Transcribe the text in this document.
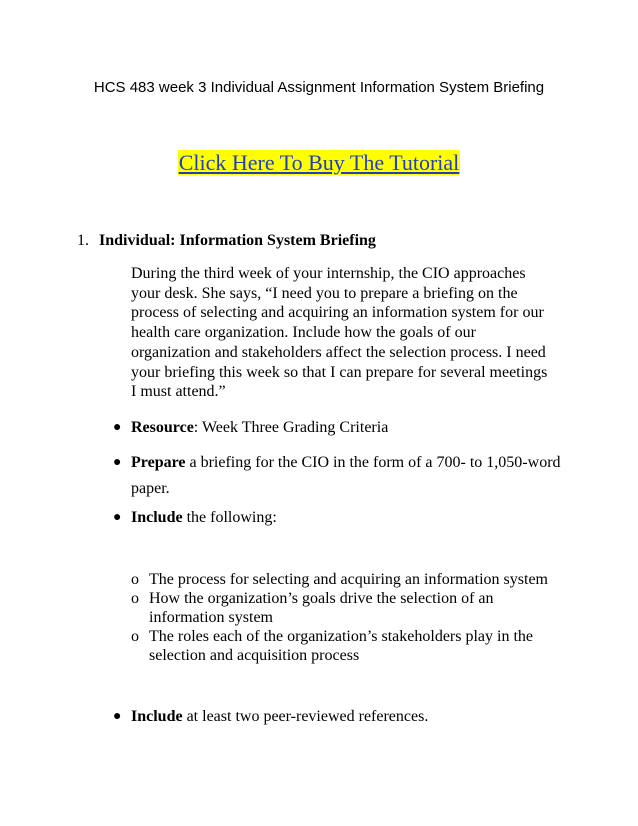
HCS 483 week 3 Individual Assignment Information System Briefing
Click Here To Buy The Tutorial
1. Individual: Information System Briefing
During the third week of your internship, the CIO approaches your desk. She says, “I need you to prepare a briefing on the process of selecting and acquiring an information system for our health care organization. Include how the goals of our organization and stakeholders affect the selection process. I need your briefing this week so that I can prepare for several meetings I must attend.”
● Resource: Week Three Grading Criteria
● Prepare a briefing for the CIO in the form of a 700- to 1,050-word paper.
● Include the following:
o The process for selecting and acquiring an information system
o How the organization’s goals drive the selection of an information system
o The roles each of the organization’s stakeholders play in the selection and acquisition process
● Include at least two peer-reviewed references.
